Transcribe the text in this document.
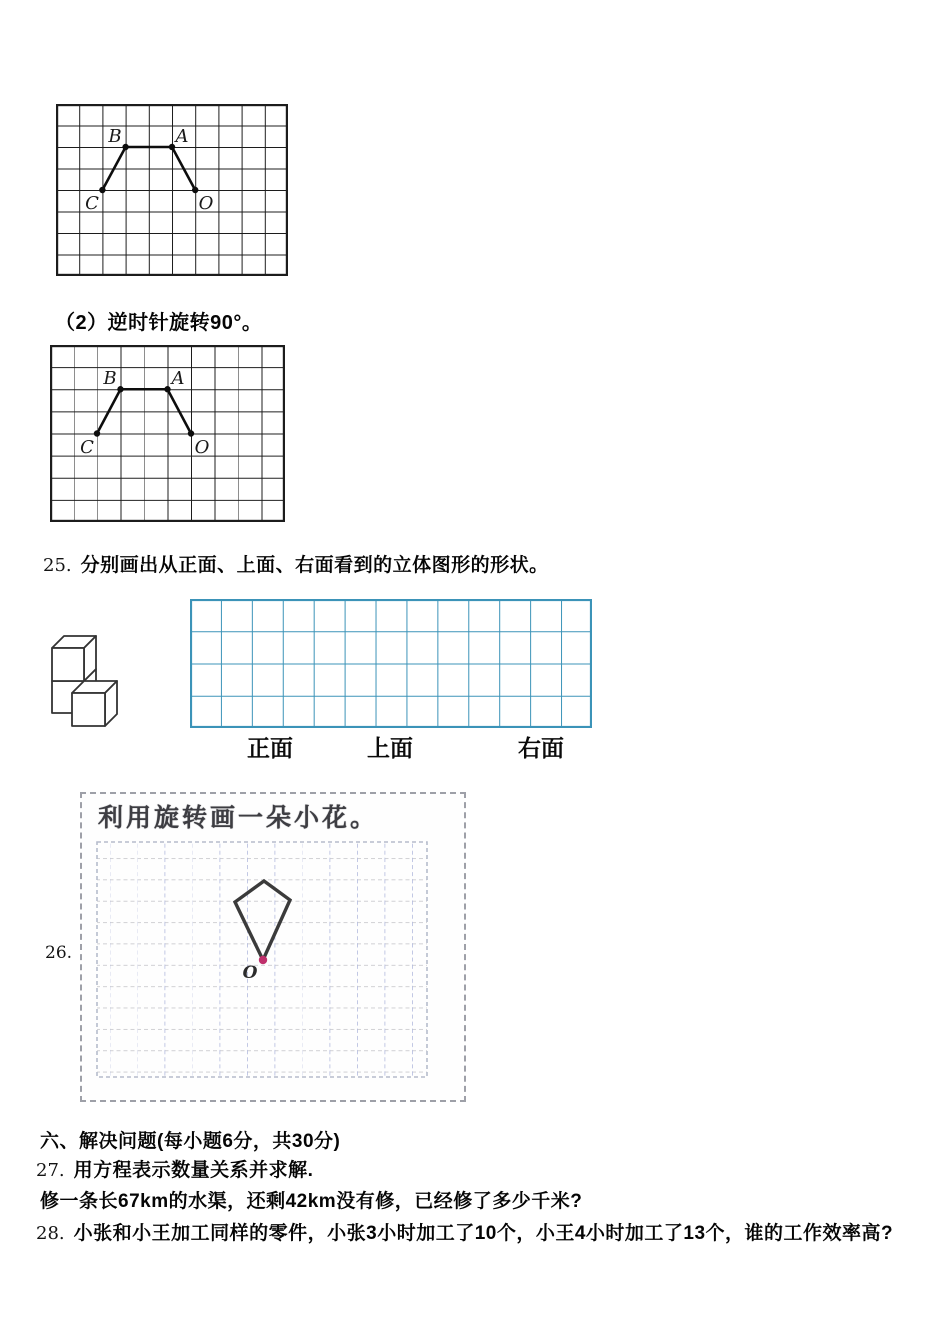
B	A
C	O
（2）逆时针旋转90°。
B	A
C	O
25. 分别画出从正面、上面、右面看到的立体图形的形状。
正面	上面	右面
26.
利用旋转画一朵小花。
O
六、解决问题(每小题6分，共30分)
27. 用方程表示数量关系并求解.
修一条长67km的水渠，还剩42km没有修，已经修了多少千米?
28. 小张和小王加工同样的零件，小张3小时加工了10个，小王4小时加工了13个，谁的工作效率高?
